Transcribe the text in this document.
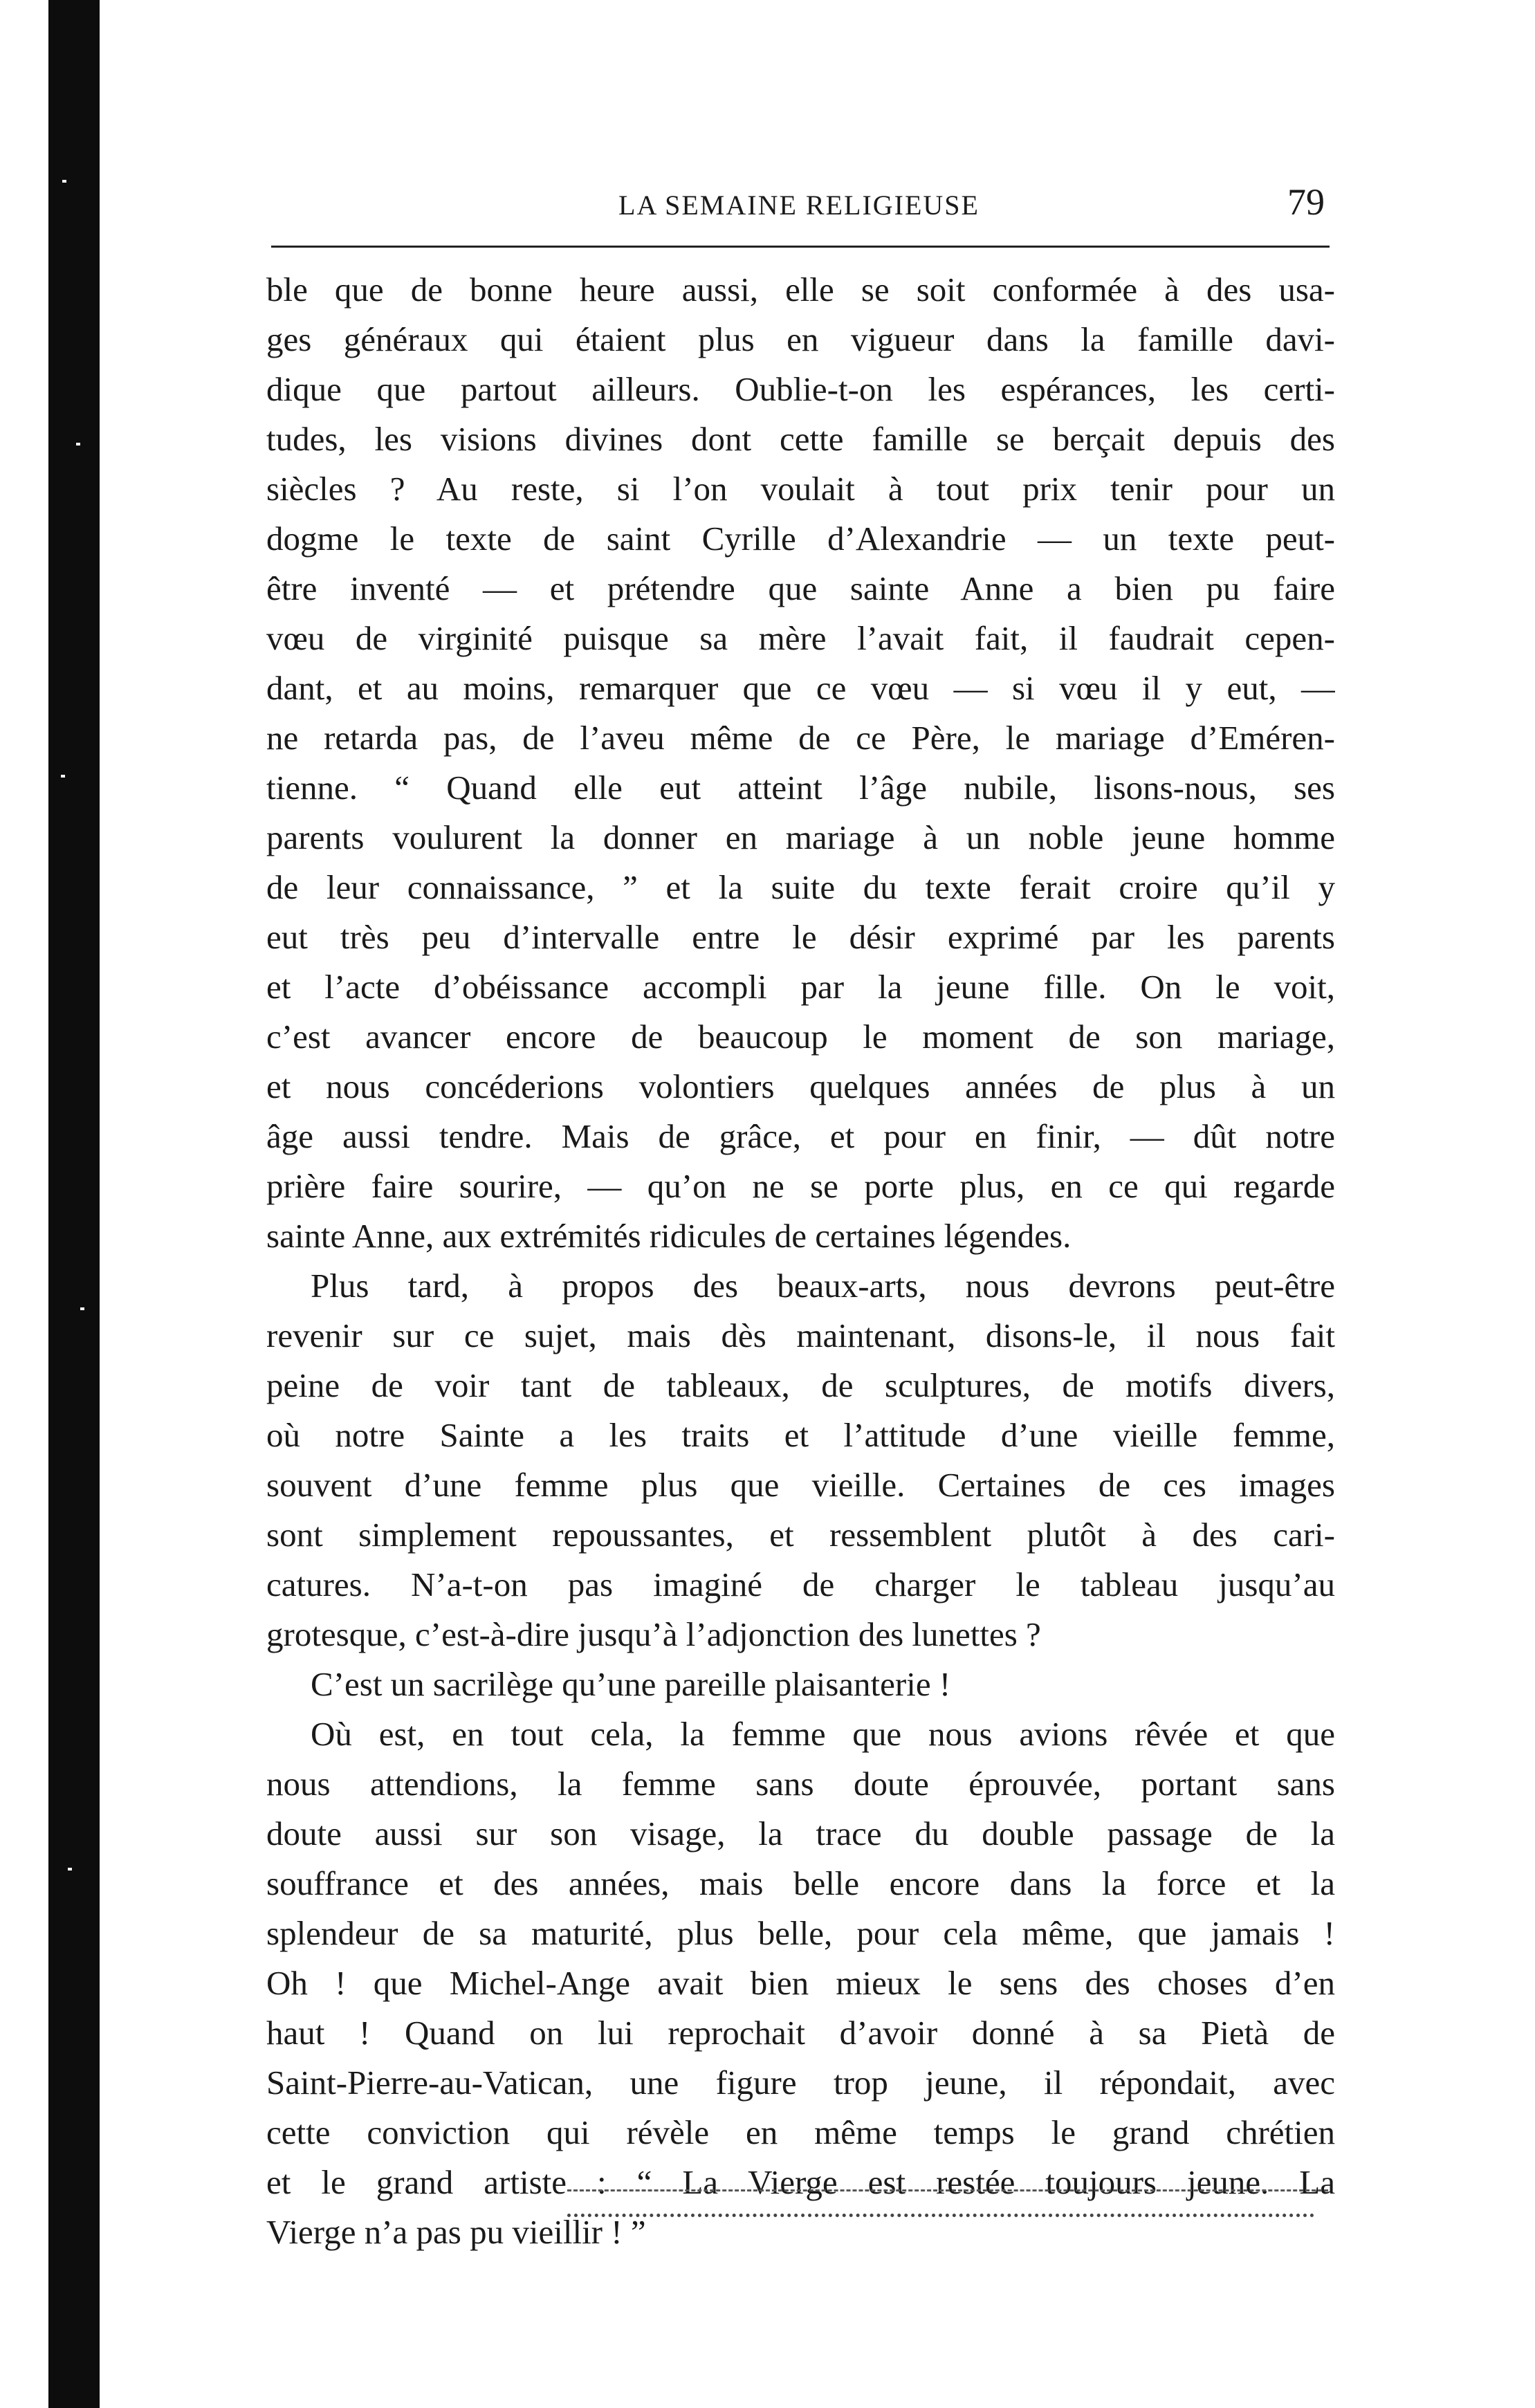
LA SEMAINE RELIGIEUSE	79
ble que de bonne heure aussi, elle se soit conformée à des usa-
ges généraux qui étaient plus en vigueur dans la famille davi-
dique que partout ailleurs. Oublie-t-on les espérances, les certi-
tudes, les visions divines dont cette famille se berçait depuis des
siècles ? Au reste, si l’on voulait à tout prix tenir pour un
dogme le texte de saint Cyrille d’Alexandrie — un texte peut-
être inventé — et prétendre que sainte Anne a bien pu faire
vœu de virginité puisque sa mère l’avait fait, il faudrait cepen-
dant, et au moins, remarquer que ce vœu — si vœu il y eut, —
ne retarda pas, de l’aveu même de ce Père, le mariage d’Eméren-
tienne. “ Quand elle eut atteint l’âge nubile, lisons-nous, ses
parents voulurent la donner en mariage à un noble jeune homme
de leur connaissance, ” et la suite du texte ferait croire qu’il y
eut très peu d’intervalle entre le désir exprimé par les parents
et l’acte d’obéissance accompli par la jeune fille. On le voit,
c’est avancer encore de beaucoup le moment de son mariage,
et nous concéderions volontiers quelques années de plus à un
âge aussi tendre. Mais de grâce, et pour en finir, — dût notre
prière faire sourire, — qu’on ne se porte plus, en ce qui regarde
sainte Anne, aux extrémités ridicules de certaines légendes.
Plus tard, à propos des beaux-arts, nous devrons peut-être
revenir sur ce sujet, mais dès maintenant, disons-le, il nous fait
peine de voir tant de tableaux, de sculptures, de motifs divers,
où notre Sainte a les traits et l’attitude d’une vieille femme,
souvent d’une femme plus que vieille. Certaines de ces images
sont simplement repoussantes, et ressemblent plutôt à des cari-
catures. N’a-t-on pas imaginé de charger le tableau jusqu’au
grotesque, c’est-à-dire jusqu’à l’adjonction des lunettes ?
C’est un sacrilège qu’une pareille plaisanterie !
Où est, en tout cela, la femme que nous avions rêvée et que
nous attendions, la femme sans doute éprouvée, portant sans
doute aussi sur son visage, la trace du double passage de la
souffrance et des années, mais belle encore dans la force et la
splendeur de sa maturité, plus belle, pour cela même, que jamais !
Oh ! que Michel-Ange avait bien mieux le sens des choses d’en
haut ! Quand on lui reprochait d’avoir donné à sa Pietà de
Saint-Pierre-au-Vatican, une figure trop jeune, il répondait, avec
cette conviction qui révèle en même temps le grand chrétien
et le grand artiste : “ La Vierge est restée toujours jeune. La
Vierge n’a pas pu vieillir ! ”
